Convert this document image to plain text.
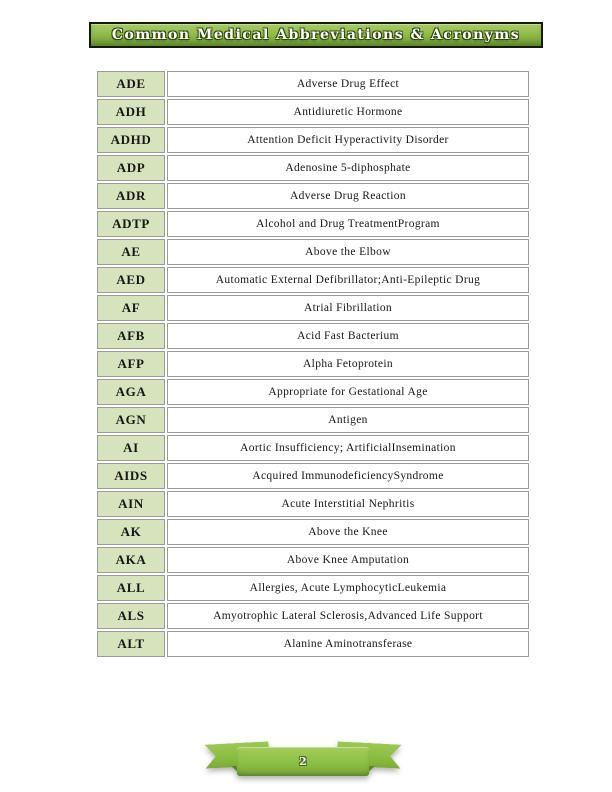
Common Medical Abbreviations & Acronyms
ADE	Adverse Drug Effect
ADH	Antidiuretic Hormone
ADHD	Attention Deficit Hyperactivity Disorder
ADP	Adenosine 5-diphosphate
ADR	Adverse Drug Reaction
ADTP	Alcohol and Drug TreatmentProgram
AE	Above the Elbow
AED	Automatic External Defibrillator;Anti-Epileptic Drug
AF	Atrial Fibrillation
AFB	Acid Fast Bacterium
AFP	Alpha Fetoprotein
AGA	Appropriate for Gestational Age
AGN	Antigen
AI	Aortic Insufficiency; ArtificialInsemination
AIDS	Acquired ImmunodeficiencySyndrome
AIN	Acute Interstitial Nephritis
AK	Above the Knee
AKA	Above Knee Amputation
ALL	Allergies, Acute LymphocyticLeukemia
ALS	Amyotrophic Lateral Sclerosis,Advanced Life Support
ALT	Alanine Aminotransferase
2
